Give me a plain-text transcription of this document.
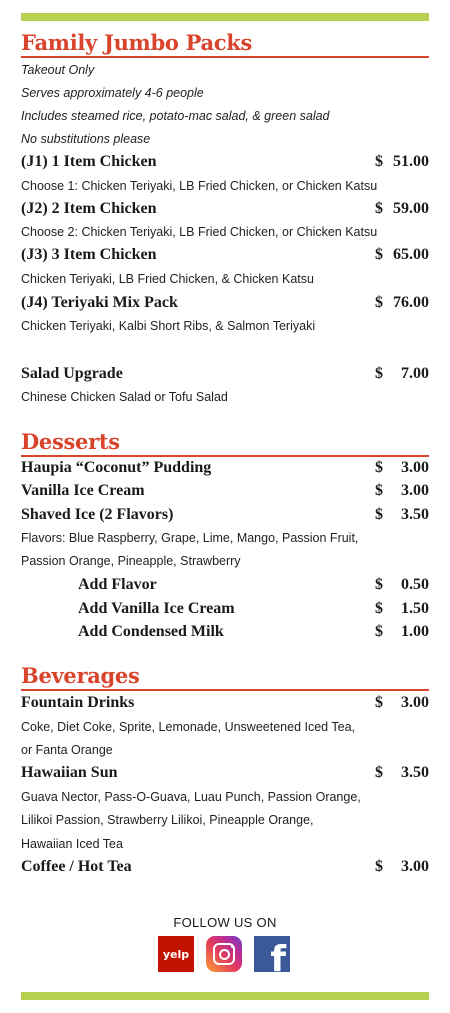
Family Jumbo Packs
Takeout Only
Serves approximately 4-6 people
Includes steamed rice, potato-mac salad, & green salad
No substitutions please
(J1) 1 Item Chicken	$ 51.00
Choose 1: Chicken Teriyaki, LB Fried Chicken, or Chicken Katsu
(J2) 2 Item Chicken	$ 59.00
Choose 2: Chicken Teriyaki, LB Fried Chicken, or Chicken Katsu
(J3) 3 Item Chicken	$ 65.00
Chicken Teriyaki, LB Fried Chicken, & Chicken Katsu
(J4) Teriyaki Mix Pack	$ 76.00
Chicken Teriyaki, Kalbi Short Ribs, & Salmon Teriyaki
Salad Upgrade	$ 7.00
Chinese Chicken Salad or Tofu Salad
Desserts
Haupia “Coconut” Pudding	$ 3.00
Vanilla Ice Cream	$ 3.00
Shaved Ice (2 Flavors)	$ 3.50
Flavors: Blue Raspberry, Grape, Lime, Mango, Passion Fruit,
Passion Orange, Pineapple, Strawberry
Add Flavor	$ 0.50
Add Vanilla Ice Cream	$ 1.50
Add Condensed Milk	$ 1.00
Beverages
Fountain Drinks	$ 3.00
Coke, Diet Coke, Sprite, Lemonade, Unsweetened Iced Tea,
or Fanta Orange
Hawaiian Sun	$ 3.50
Guava Nector, Pass-O-Guava, Luau Punch, Passion Orange,
Lilikoi Passion, Strawberry Lilikoi, Pineapple Orange,
Hawaiian Iced Tea
Coffee / Hot Tea	$ 3.00
FOLLOW US ON
yelp f
